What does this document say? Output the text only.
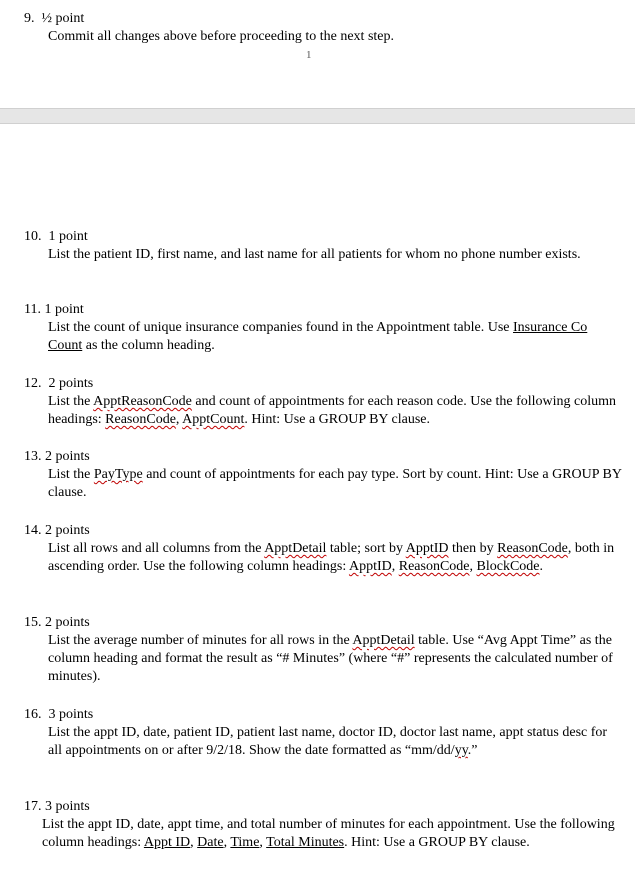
9.  ½ point
Commit all changes above before proceeding to the next step.
1
10.  1 point
List the patient ID, first name, and last name for all patients for whom no phone number exists.
11. 1 point
List the count of unique insurance companies found in the Appointment table. Use Insurance Co Count as the column heading.
12.  2 points
List the ApptReasonCode and count of appointments for each reason code. Use the following column headings: ReasonCode, ApptCount. Hint: Use a GROUP BY clause.
13. 2 points
List the PayType and count of appointments for each pay type. Sort by count. Hint: Use a GROUP BY clause.
14. 2 points
List all rows and all columns from the ApptDetail table; sort by ApptID then by ReasonCode, both in ascending order. Use the following column headings: ApptID, ReasonCode, BlockCode.
15. 2 points
List the average number of minutes for all rows in the ApptDetail table. Use “Avg Appt Time” as the column heading and format the result as “# Minutes” (where “#” represents the calculated number of minutes).
16.  3 points
List the appt ID, date, patient ID, patient last name, doctor ID, doctor last name, appt status desc for all appointments on or after 9/2/18. Show the date formatted as “mm/dd/yy.”
17. 3 points
List the appt ID, date, appt time, and total number of minutes for each appointment. Use the following column headings: Appt ID, Date, Time, Total Minutes. Hint: Use a GROUP BY clause.
